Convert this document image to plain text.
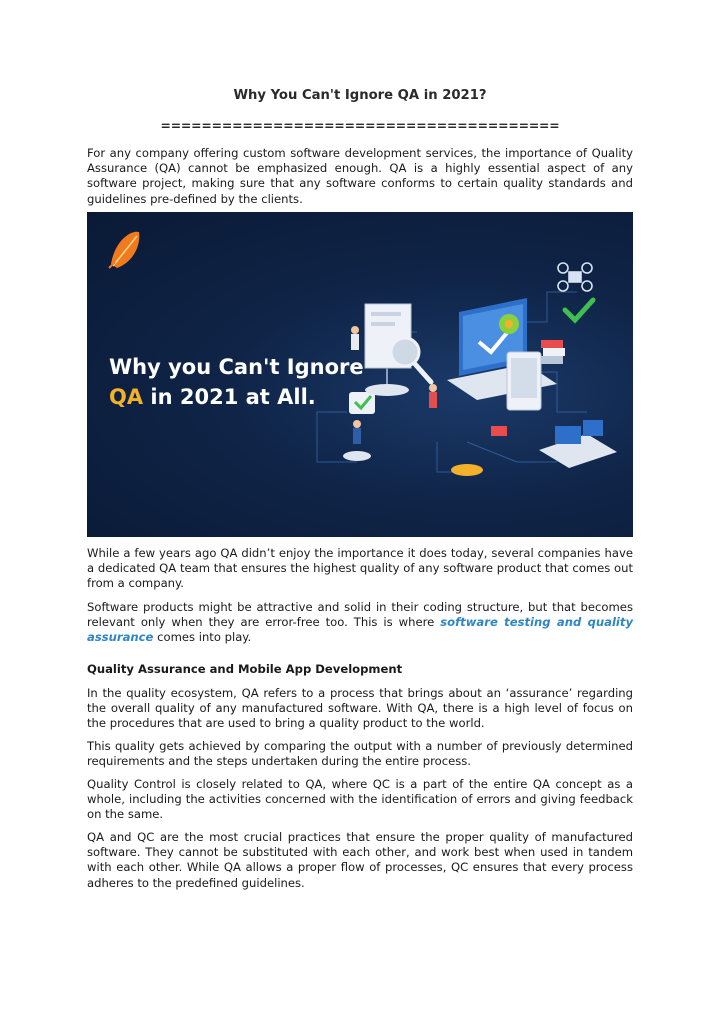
Why You Can't Ignore QA in 2021?
=======================================

For any company offering custom software development services, the importance of Quality Assurance (QA) cannot be emphasized enough. QA is a highly essential aspect of any software project, making sure that any software conforms to certain quality standards and guidelines pre-defined by the clients.

Why you Can't Ignore
QA in 2021 at All.

While a few years ago QA didn’t enjoy the importance it does today, several companies have a dedicated QA team that ensures the highest quality of any software product that comes out from a company.

Software products might be attractive and solid in their coding structure, but that becomes relevant only when they are error-free too. This is where software testing and quality assurance comes into play.

Quality Assurance and Mobile App Development

In the quality ecosystem, QA refers to a process that brings about an ‘assurance’ regarding the overall quality of any manufactured software. With QA, there is a high level of focus on the procedures that are used to bring a quality product to the world.

This quality gets achieved by comparing the output with a number of previously determined requirements and the steps undertaken during the entire process.

Quality Control is closely related to QA, where QC is a part of the entire QA concept as a whole, including the activities concerned with the identification of errors and giving feedback on the same.

QA and QC are the most crucial practices that ensure the proper quality of manufactured software. They cannot be substituted with each other, and work best when used in tandem with each other. While QA allows a proper flow of processes, QC ensures that every process adheres to the predefined guidelines.
